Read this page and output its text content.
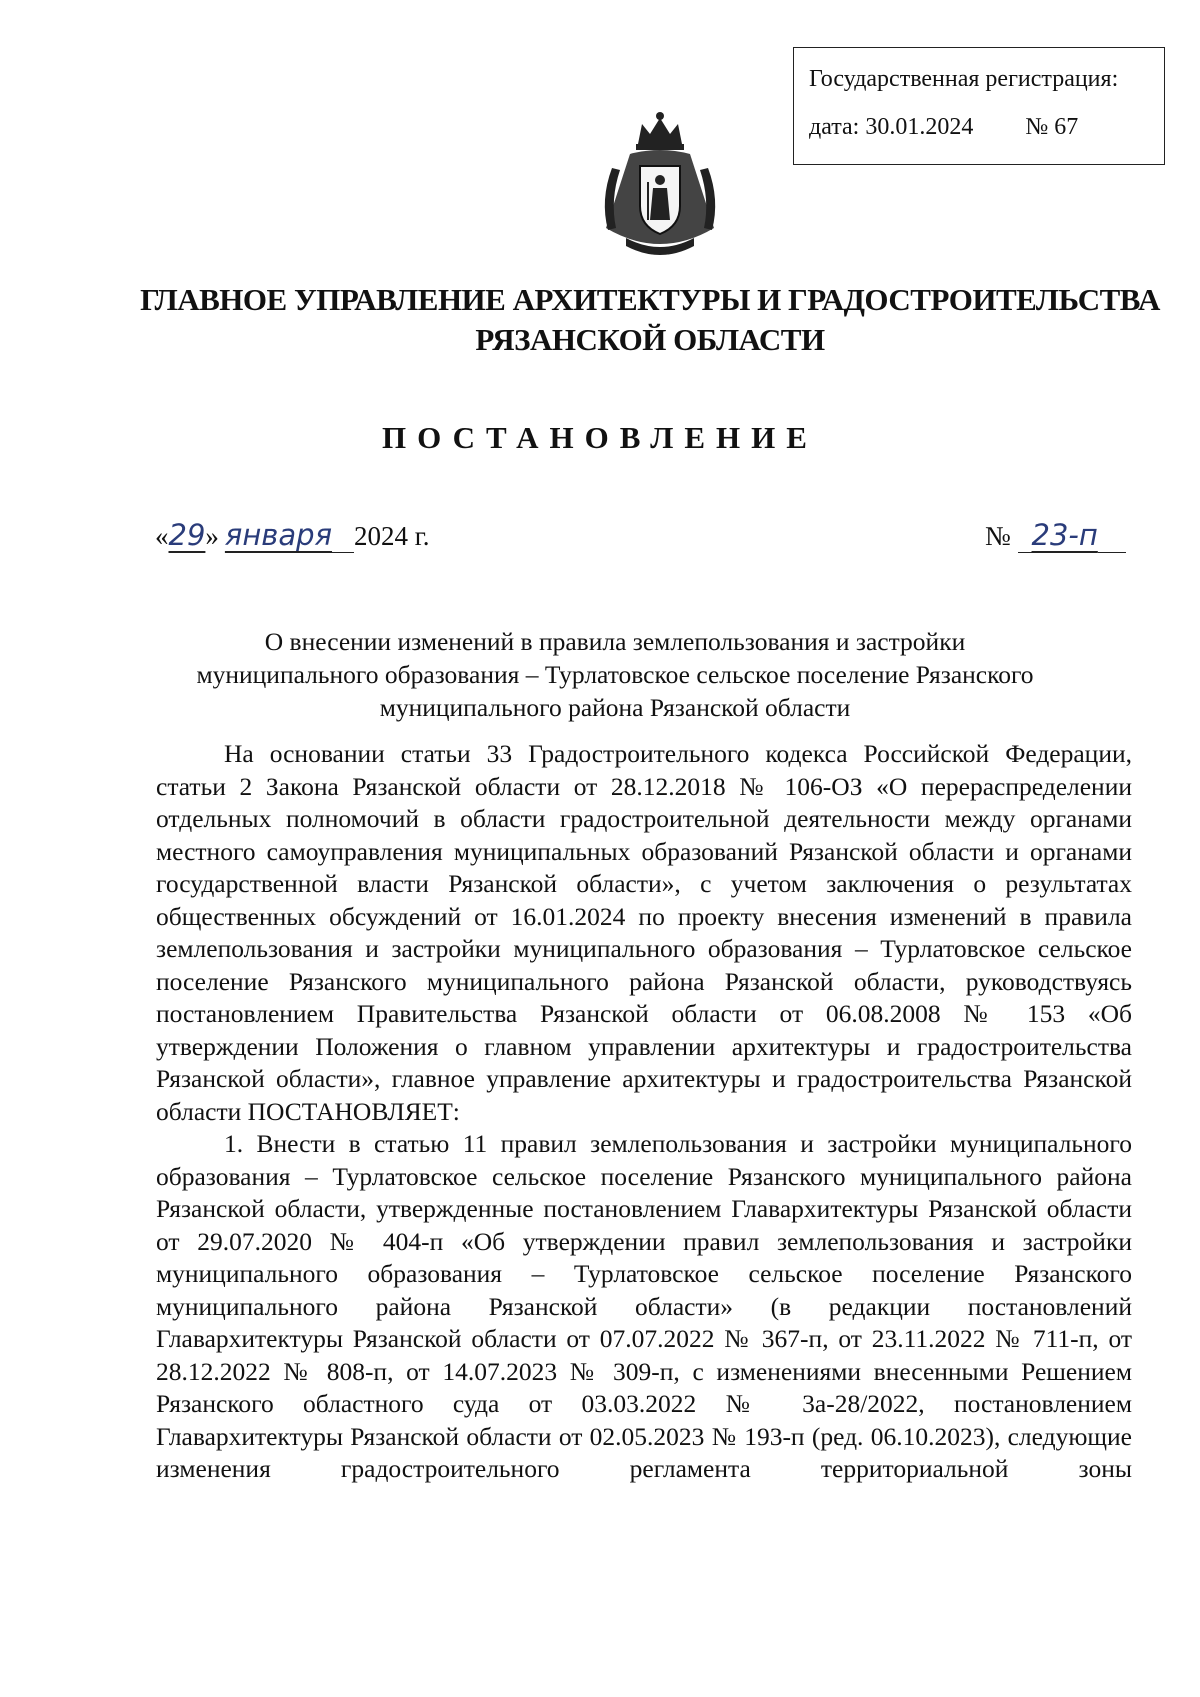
Государственная регистрация:
дата: 30.01.2024 № 67
ГЛАВНОЕ УПРАВЛЕНИЕ АРХИТЕКТУРЫ И ГРАДОСТРОИТЕЛЬСТВА
РЯЗАНСКОЙ ОБЛАСТИ
ПОСТАНОВЛЕНИЕ
«29» января 2024 г.	№ 23-п
О внесении изменений в правила землепользования и застройки
муниципального образования – Турлатовское сельское поселение Рязанского
муниципального района Рязанской области

На основании статьи 33 Градостроительного кодекса Российской Федерации, статьи 2 Закона Рязанской области от 28.12.2018 № 106-ОЗ «О перераспределении отдельных полномочий в области градостроительной деятельности между органами местного самоуправления муниципальных образований Рязанской области и органами государственной власти Рязанской области», с учетом заключения о результатах общественных обсуждений от 16.01.2024 по проекту внесения изменений в правила землепользования и застройки муниципального образования – Турлатовское сельское поселение Рязанского муниципального района Рязанской области, руководствуясь постановлением Правительства Рязанской области от 06.08.2008 № 153 «Об утверждении Положения о главном управлении архитектуры и градостроительства Рязанской области», главное управление архитектуры и градостроительства Рязанской области ПОСТАНОВЛЯЕТ:

1. Внести в статью 11 правил землепользования и застройки муниципального образования – Турлатовское сельское поселение Рязанского муниципального района Рязанской области, утвержденные постановлением Главархитектуры Рязанской области от 29.07.2020 № 404-п «Об утверждении правил землепользования и застройки муниципального образования – Турлатовское сельское поселение Рязанского муниципального района Рязанской области» (в редакции постановлений Главархитектуры Рязанской области от 07.07.2022 № 367-п, от 23.11.2022 № 711-п, от 28.12.2022 № 808-п, от 14.07.2023 № 309-п, с изменениями внесенными Решением Рязанского областного суда от 03.03.2022 № 3а-28/2022, постановлением Главархитектуры Рязанской области от 02.05.2023 № 193-п (ред. 06.10.2023), следующие изменения градостроительного регламента территориальной зоны
